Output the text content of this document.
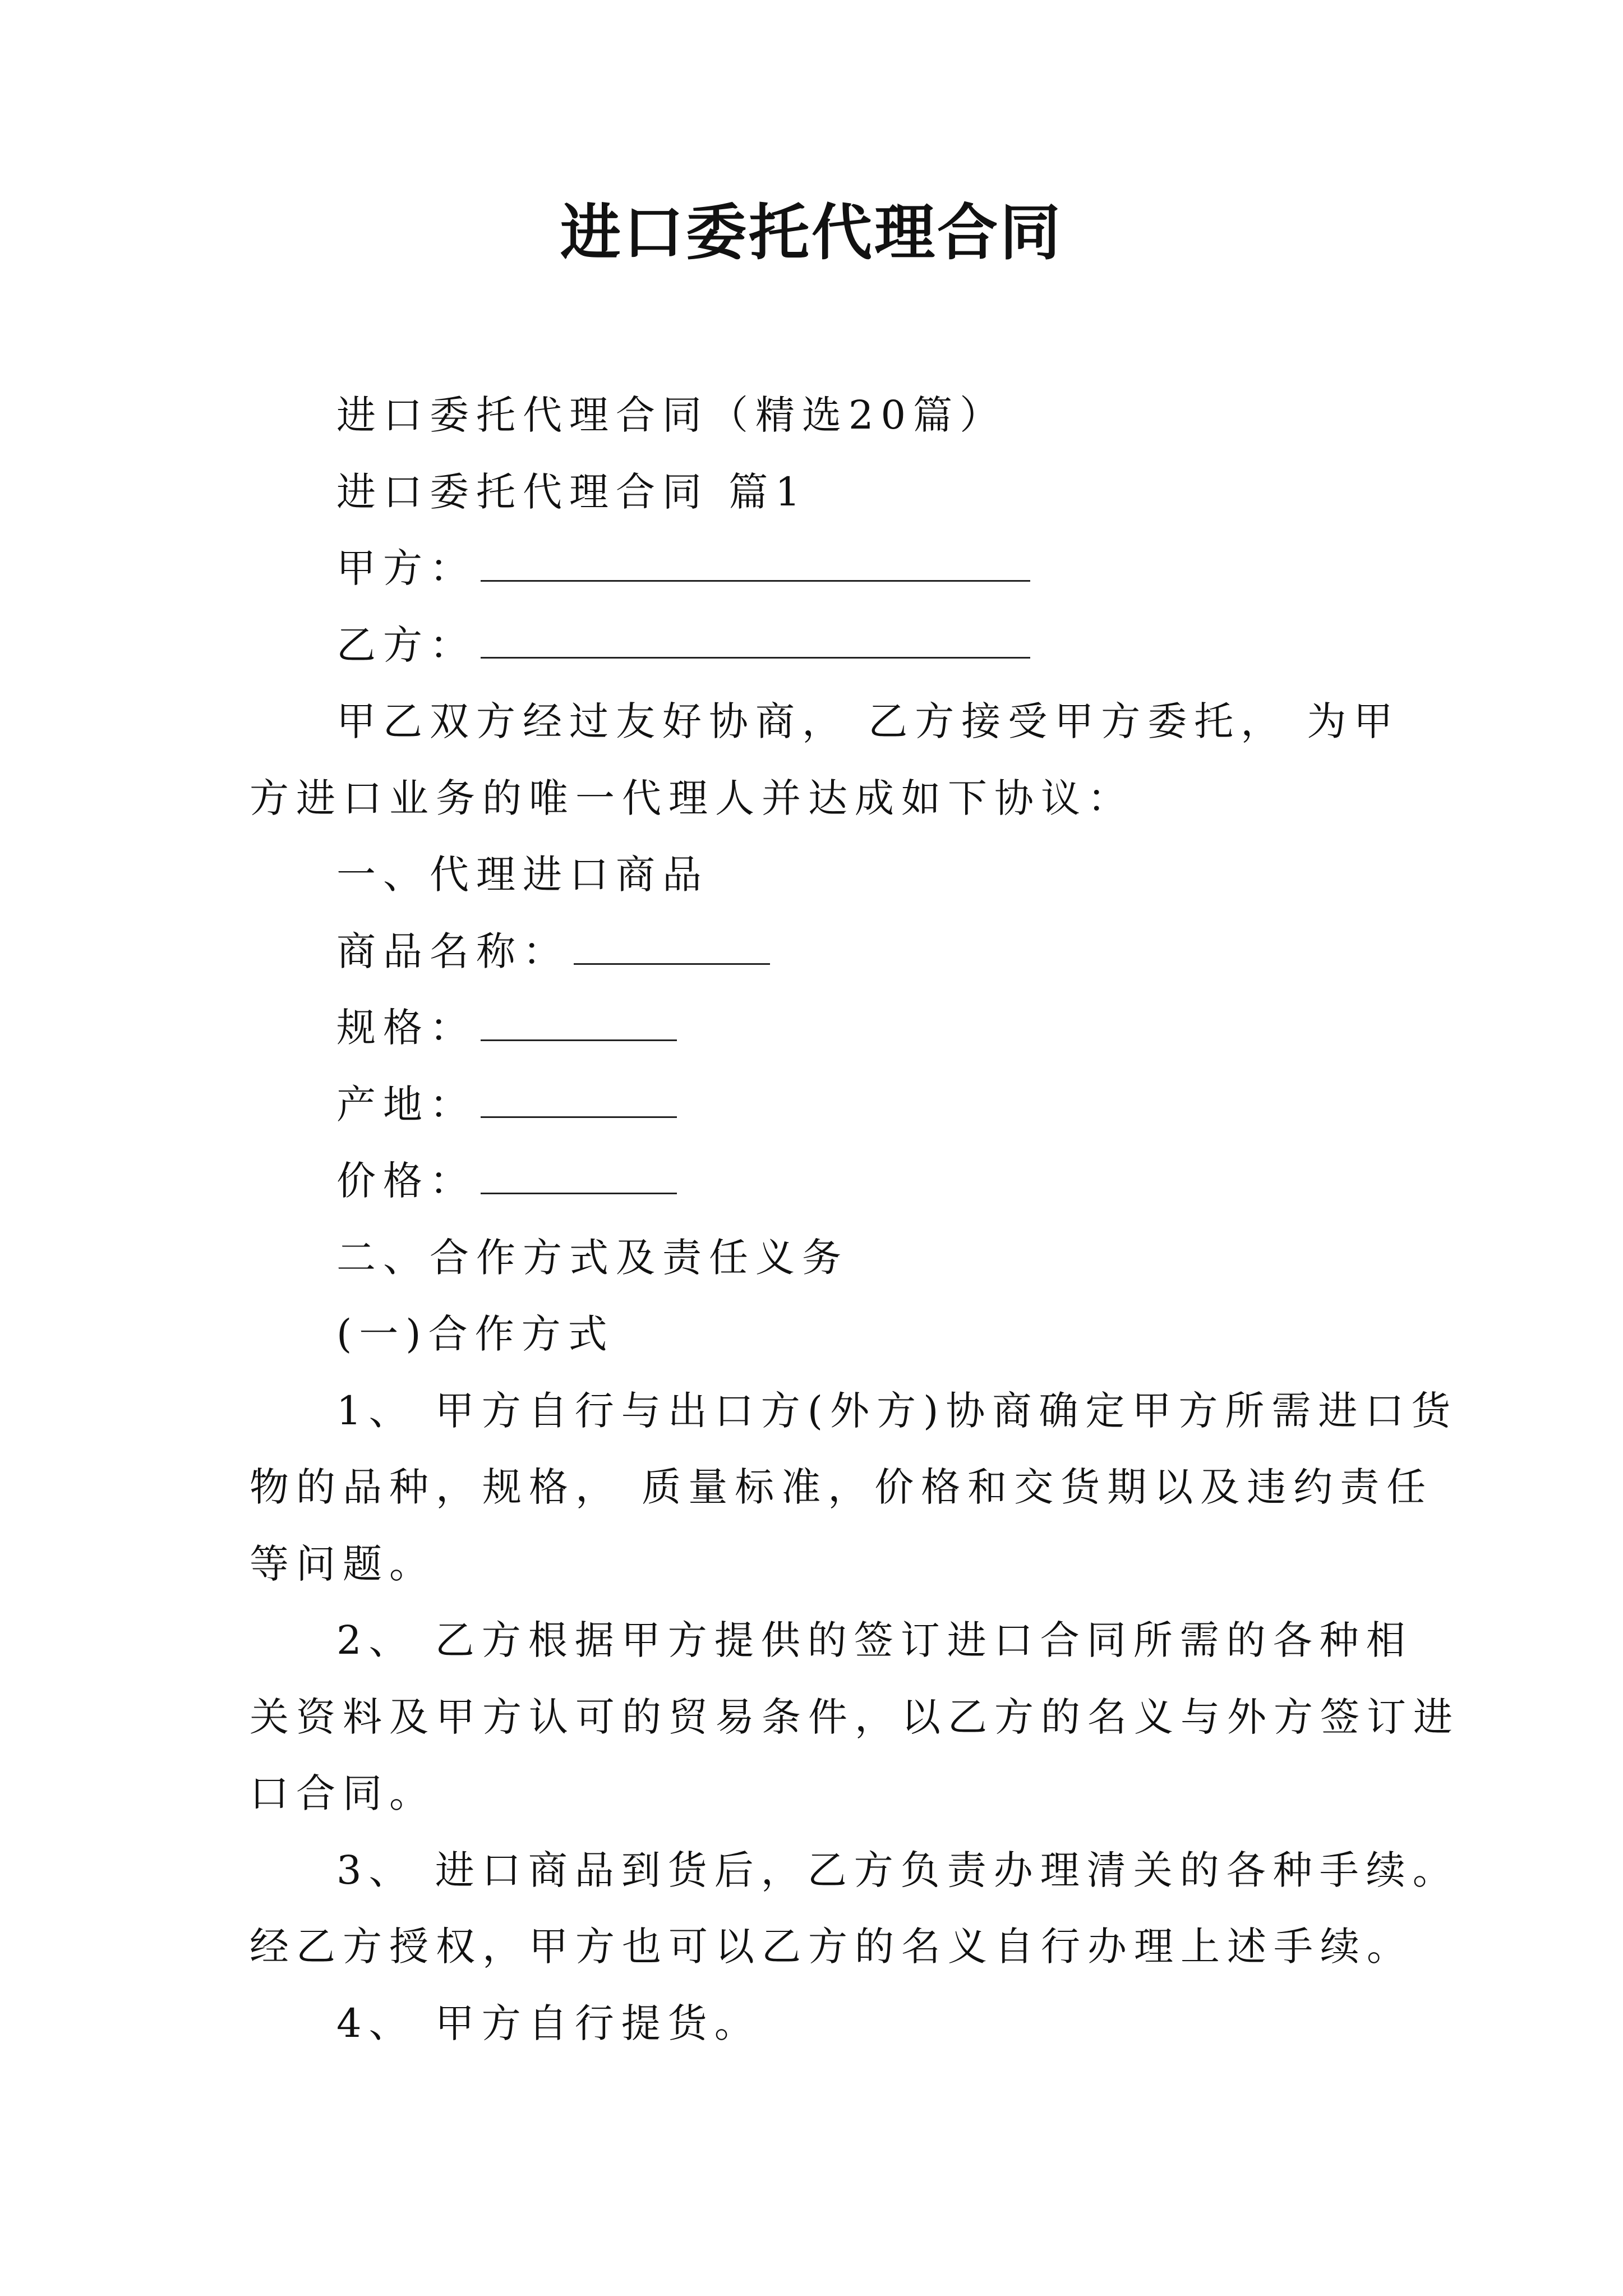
进口委托代理合同
进口委托代理合同（精选20篇）
进口委托代理合同 篇1
甲方：
乙方：
甲乙双方经过友好协商， 乙方接受甲方委托， 为甲
方进口业务的唯一代理人并达成如下协议：
一、代理进口商品
商品名称：
规格：
产地：
价格：
二、合作方式及责任义务
(一)合作方式
1、 甲方自行与出口方(外方)协商确定甲方所需进口货
物的品种，规格， 质量标准，价格和交货期以及违约责任
等问题。
2、 乙方根据甲方提供的签订进口合同所需的各种相
关资料及甲方认可的贸易条件，以乙方的名义与外方签订进
口合同。
3、 进口商品到货后，乙方负责办理清关的各种手续。
经乙方授权，甲方也可以乙方的名义自行办理上述手续。
4、 甲方自行提货。
